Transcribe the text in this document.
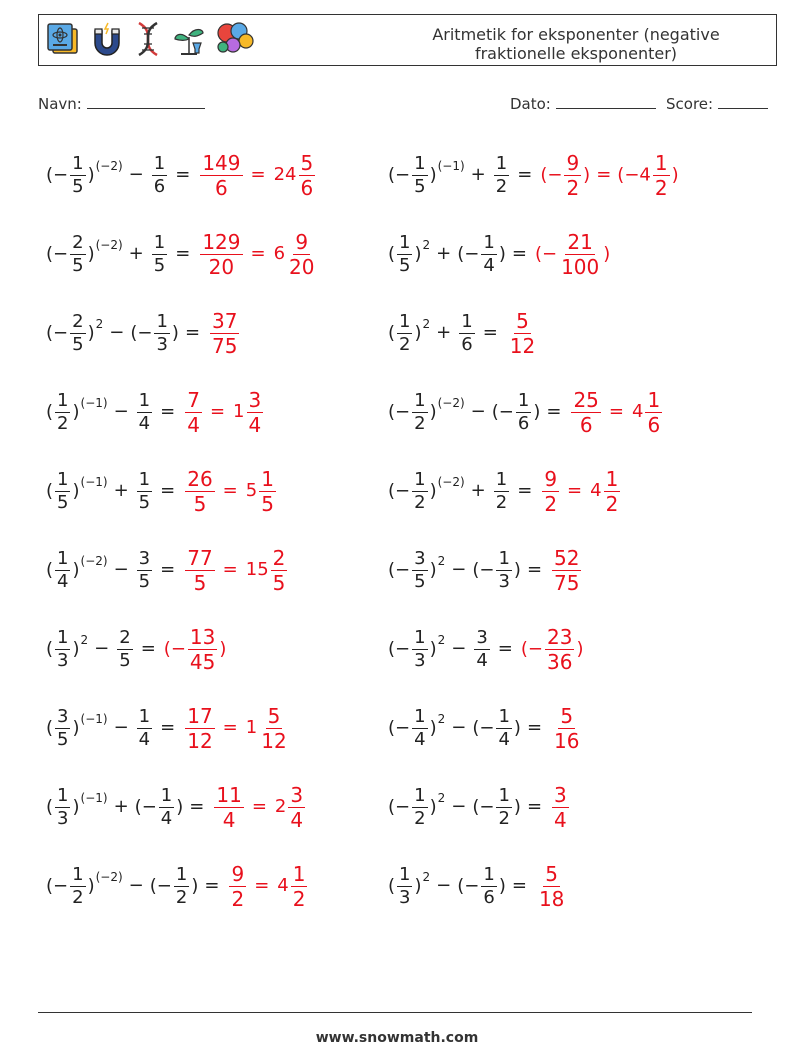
Aritmetik for eksponenter (negative fraktionelle eksponenter)
Navn:	Dato:	Score:
(− $\frac{1}{5} )^{(-2)} - \frac{1}{6} = \frac{149}{6} = 24 \frac{5}{6}$	(− $\frac{1}{5} )^{(-1)} + \frac{1}{2}$ = (− $\frac{9}{2}$ ) = ($-4 \frac{1}{2}$ )
(− $\frac{2}{5} )^{(-2)} + \frac{1}{5} = \frac{129}{20} = 6 \frac{9}{20}$	( $\frac{1}{5} )^2$ + (− $\frac{1}{4}$ ) = (− $\frac{21}{100}$ )
(− $\frac{2}{5} )^2$ − (− $\frac{1}{3}$ ) = $\frac{37}{75}$	( $\frac{1}{2} )^2 + \frac{1}{6} = \frac{5}{12}$
( $\frac{1}{2} )^{(-1)} - \frac{1}{4} = \frac{7}{4} = 1 \frac{3}{4}$	(− $\frac{1}{2} )^{(-2)}$ − (− $\frac{1}{6}$ ) = $\frac{25}{6} = 4 \frac{1}{6}$
( $\frac{1}{5} )^{(-1)} + \frac{1}{5} = \frac{26}{5} = 5 \frac{1}{5}$	(− $\frac{1}{2} )^{(-2)} + \frac{1}{2} = \frac{9}{2} = 4 \frac{1}{2}$
( $\frac{1}{4} )^{(-2)} - \frac{3}{5} = \frac{77}{5} = 15 \frac{2}{5}$	(− $\frac{3}{5} )^2$ − (− $\frac{1}{3}$ ) = $\frac{52}{75}$
( $\frac{1}{3} )^2 - \frac{2}{5}$ = (− $\frac{13}{45}$ )	(− $\frac{1}{3} )^2 - \frac{3}{4}$ = (− $\frac{23}{36}$ )
( $\frac{3}{5} )^{(-1)} - \frac{1}{4} = \frac{17}{12} = 1 \frac{5}{12}$	(− $\frac{1}{4} )^2$ − (− $\frac{1}{4}$ ) = $\frac{5}{16}$
( $\frac{1}{3} )^{(-1)}$ + (− $\frac{1}{4}$ ) = $\frac{11}{4} = 2 \frac{3}{4}$	(− $\frac{1}{2} )^2$ − (− $\frac{1}{2}$ ) = $\frac{3}{4}$
(− $\frac{1}{2} )^{(-2)}$ − (− $\frac{1}{2}$ ) = $\frac{9}{2} = 4 \frac{1}{2}$	( $\frac{1}{3} )^2$ − (− $\frac{1}{6}$ ) = $\frac{5}{18}$
www.snowmath.com
